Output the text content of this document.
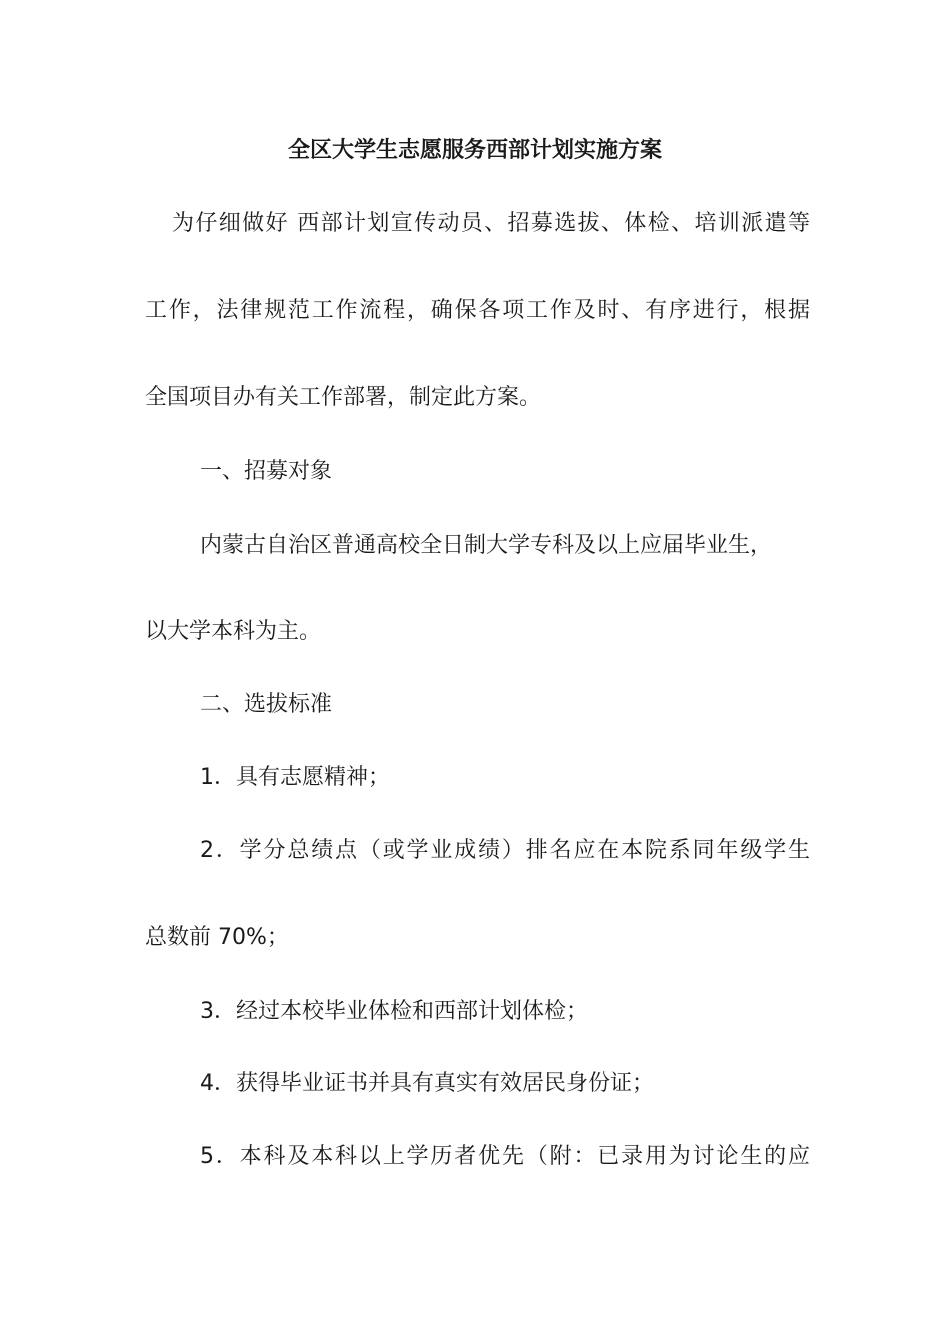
全区大学生志愿服务西部计划实施方案
为仔细做好 西部计划宣传动员、招募选拔、体检、培训派遣等
工作，法律规范工作流程，确保各项工作及时、有序进行，根据
全国项目办有关工作部署，制定此方案。
一、招募对象
内蒙古自治区普通高校全日制大学专科及以上应届毕业生，
以大学本科为主。
二、选拔标准
1．具有志愿精神；
2．学分总绩点（或学业成绩）排名应在本院系同年级学生
总数前 70%；
3．经过本校毕业体检和西部计划体检；
4．获得毕业证书并具有真实有效居民身份证；
5．本科及本科以上学历者优先（附：已录用为讨论生的应
